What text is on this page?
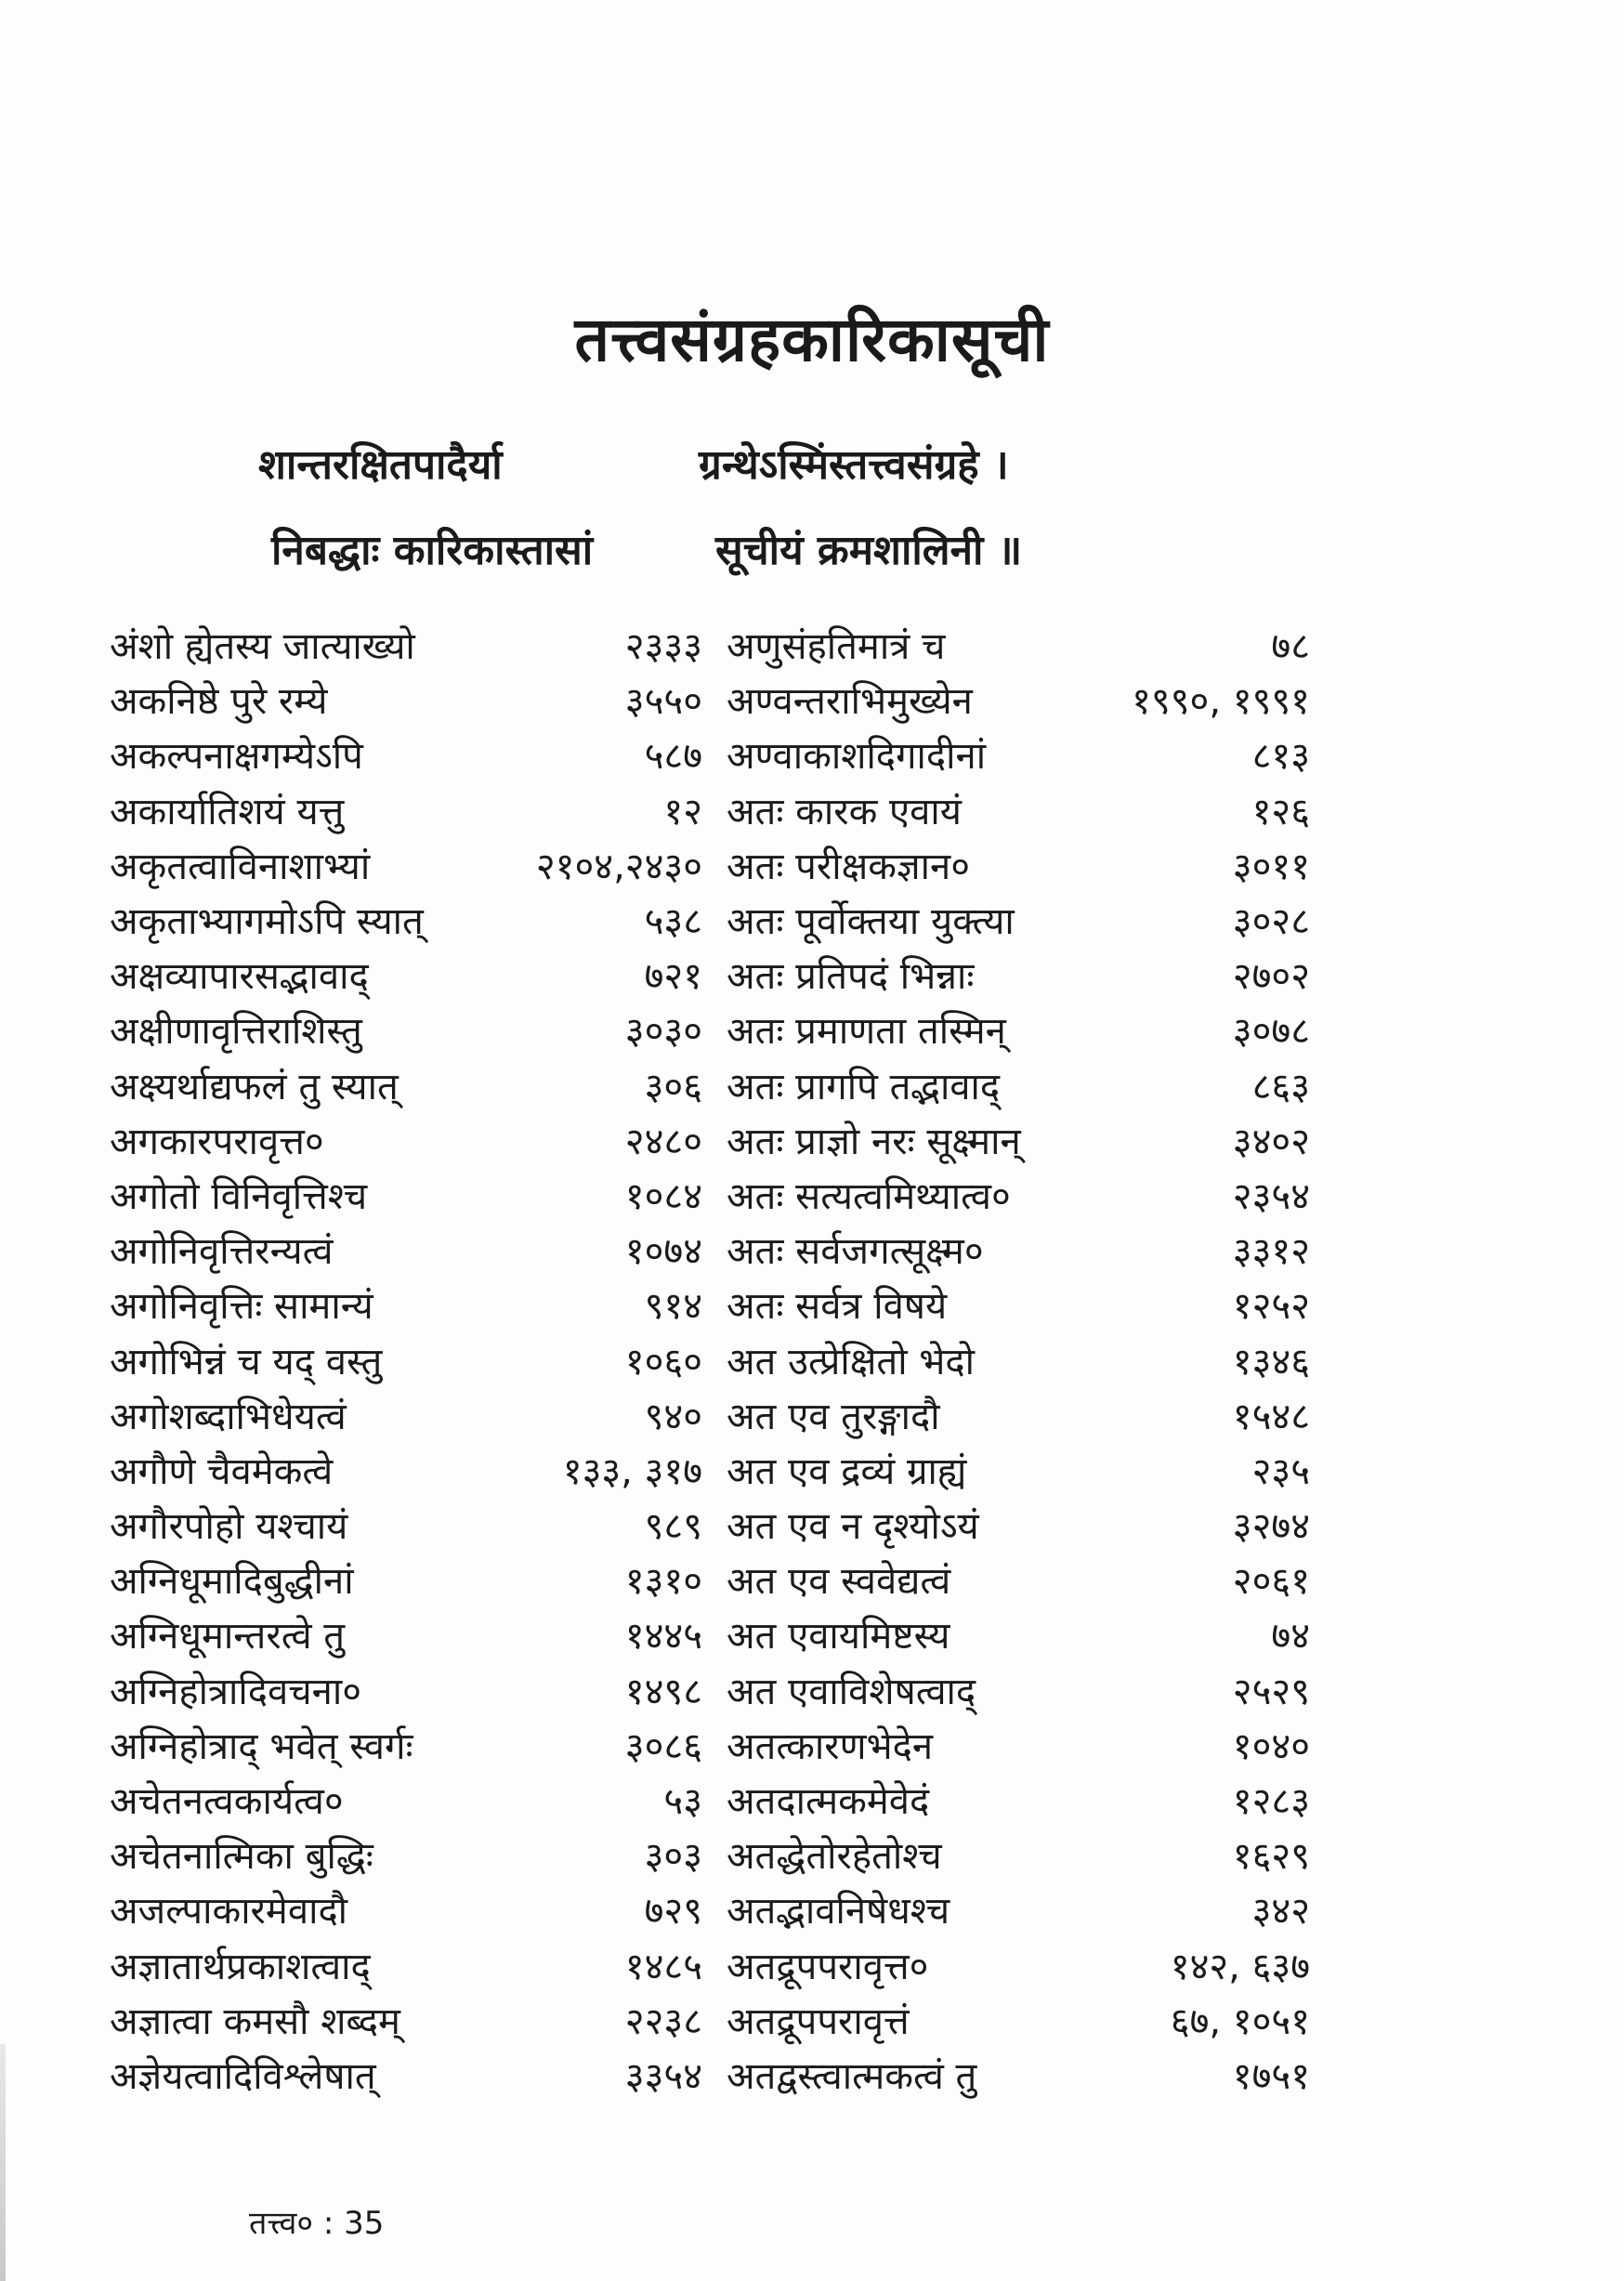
तत्त्वसंग्रहकारिकासूची
शान्तरक्षितपादैर्या	ग्रन्थेऽस्मिंस्तत्त्वसंग्रहे ।
निबद्धाः कारिकास्तासां	सूचीयं क्रमशालिनी ॥
अंशो ह्येतस्य जात्याख्यो	२३३३
अकनिष्ठे पुरे रम्ये	३५५०
अकल्पनाक्षगम्येऽपि	५८७
अकार्यातिशयं यत्तु	१२
अकृतत्वाविनाशाभ्यां	२१०४,२४३०
अकृताभ्यागमोऽपि स्यात्	५३८
अक्षव्यापारसद्भावाद्	७२१
अक्षीणावृत्तिराशिस्तु	३०३०
अक्ष्यर्थाद्यफलं तु स्यात्	३०६
अगकारपरावृत्त०	२४८०
अगोतो विनिवृत्तिश्च	१०८४
अगोनिवृत्तिरन्यत्वं	१०७४
अगोनिवृत्तिः सामान्यं	९१४
अगोभिन्नं च यद् वस्तु	१०६०
अगोशब्दाभिधेयत्वं	९४०
अगौणे चैवमेकत्वे	१३३, ३१७
अगौरपोहो यश्चायं	९८९
अग्निधूमादिबुद्धीनां	१३१०
अग्निधूमान्तरत्वे तु	१४४५
अग्निहोत्रादिवचना०	१४९८
अग्निहोत्राद् भवेत् स्वर्गः	३०८६
अचेतनत्वकार्यत्व०	५३
अचेतनात्मिका बुद्धिः	३०३
अजल्पाकारमेवादौ	७२९
अज्ञातार्थप्रकाशत्वाद्	१४८५
अज्ञात्वा कमसौ शब्दम्	२२३८
अज्ञेयत्वादिविश्लेषात्	३३५४
अणुसंहतिमात्रं च	७८
अण्वन्तराभिमुख्येन	१९९०, १९९१
अण्वाकाशदिगादीनां	८१३
अतः कारक एवायं	१२६
अतः परीक्षकज्ञान०	३०११
अतः पूर्वोक्तया युक्त्या	३०२८
अतः प्रतिपदं भिन्नाः	२७०२
अतः प्रमाणता तस्मिन्	३०७८
अतः प्रागपि तद्भावाद्	८६३
अतः प्राज्ञो नरः सूक्ष्मान्	३४०२
अतः सत्यत्वमिथ्यात्व०	२३५४
अतः सर्वजगत्सूक्ष्म०	३३१२
अतः सर्वत्र विषये	१२५२
अत उत्प्रेक्षितो भेदो	१३४६
अत एव तुरङ्गादौ	१५४८
अत एव द्रव्यं ग्राह्यं	२३५
अत एव न दृश्योऽयं	३२७४
अत एव स्ववेद्यत्वं	२०६१
अत एवायमिष्टस्य	७४
अत एवाविशेषत्वाद्	२५२९
अतत्कारणभेदेन	१०४०
अतदात्मकमेवेदं	१२८३
अतद्धेतोरहेतोश्च	१६२९
अतद्भावनिषेधश्च	३४२
अतद्रूपपरावृत्त०	१४२, ६३७
अतद्रूपपरावृत्तं	६७, १०५१
अतद्वस्त्वात्मकत्वं तु	१७५१
तत्त्व० : 35
